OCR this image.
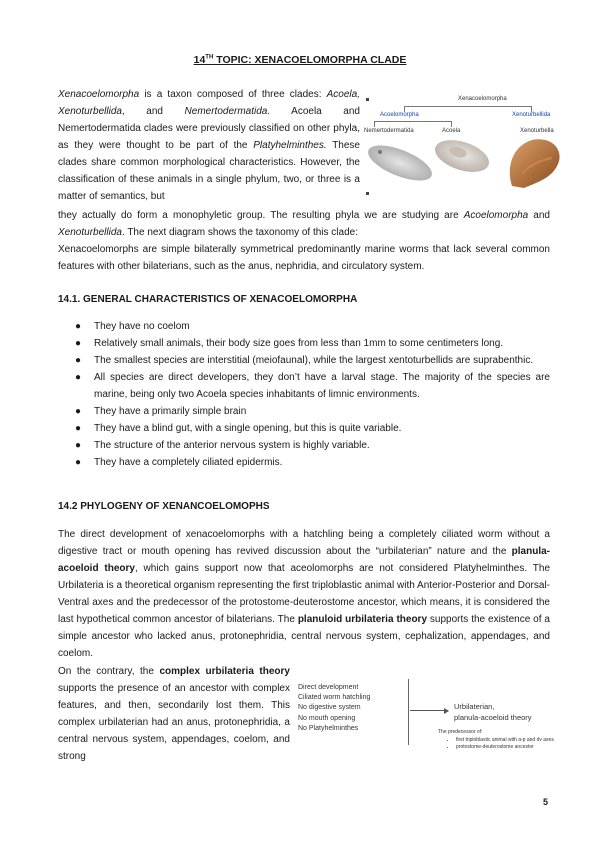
14TH TOPIC: XENACOELOMORPHA CLADE

Xenacoelomorpha is a taxon composed of three clades: Acoela, Xenoturbellida, and Nemertodermatida. Acoela and Nemertodermatida clades were previously classified on other phyla, as they were thought to be part of the Platyhelminthes. These clades share common morphological characteristics. However, the classification of these animals in a single phylum, two, or three is a matter of semantics, but

Xenacoelomorpha
Acoelomorpha	Xenoturbellida
Nemertodermatida	Acoela	Xenoturbella

they actually do form a monophyletic group. The resulting phyla we are studying are Acoelomorpha and Xenoturbellida. The next diagram shows the taxonomy of this clade:

Xenacoelomorphs are simple bilaterally symmetrical predominantly marine worms that lack several common features with other bilaterians, such as the anus, nephridia, and circulatory system.

14.1. GENERAL CHARACTERISTICS OF XENACOELOMORPHA
● They have no coelom
● Relatively small animals, their body size goes from less than 1mm to some centimeters long.
● The smallest species are interstitial (meiofaunal), while the largest xentoturbellids are suprabenthic.
● All species are direct developers, they don’t have a larval stage. The majority of the species are marine, being only two Acoela species inhabitants of limnic environments.
● They have a primarily simple brain
● They have a blind gut, with a single opening, but this is quite variable.
● The structure of the anterior nervous system is highly variable.
● They have a completely ciliated epidermis.
14.2 PHYLOGENY OF XENANCOELOMOPHS

The direct development of xenacoelomorphs with a hatchling being a completely ciliated worm without a digestive tract or mouth opening has revived discussion about the “urbilaterian” nature and the planula-acoeloid theory, which gains support now that aceolomorphs are not considered Platyhelminthes. The Urbilateria is a theoretical organism representing the first triploblastic animal with Anterior-Posterior and Dorsal-Ventral axes and the predecessor of the protostome-deuterostome ancestor, which means, it is considered the last hypothetical common ancestor of bilaterians. The planuloid urbilateria theory supports the existence of a simple ancestor who lacked anus, protonephridia, central nervous system, cephalization, appendages, and coelom.

On the contrary, the complex urbilateria theory supports the presence of an ancestor with complex features, and then, secondarily lost them. This complex urbilaterian had an anus, protonephridia, a central nervous system, appendages, coelom, and strong

Direct development
Ciliated worm hatchling
No digestive system
No mouth opening
No Platyhelminthes
Urbilaterian,
planula-acoeloid theory
The predecessor of:
• first triploblastic animal with a-p and dv axes
• protostome-deuterostome ancestor
5
